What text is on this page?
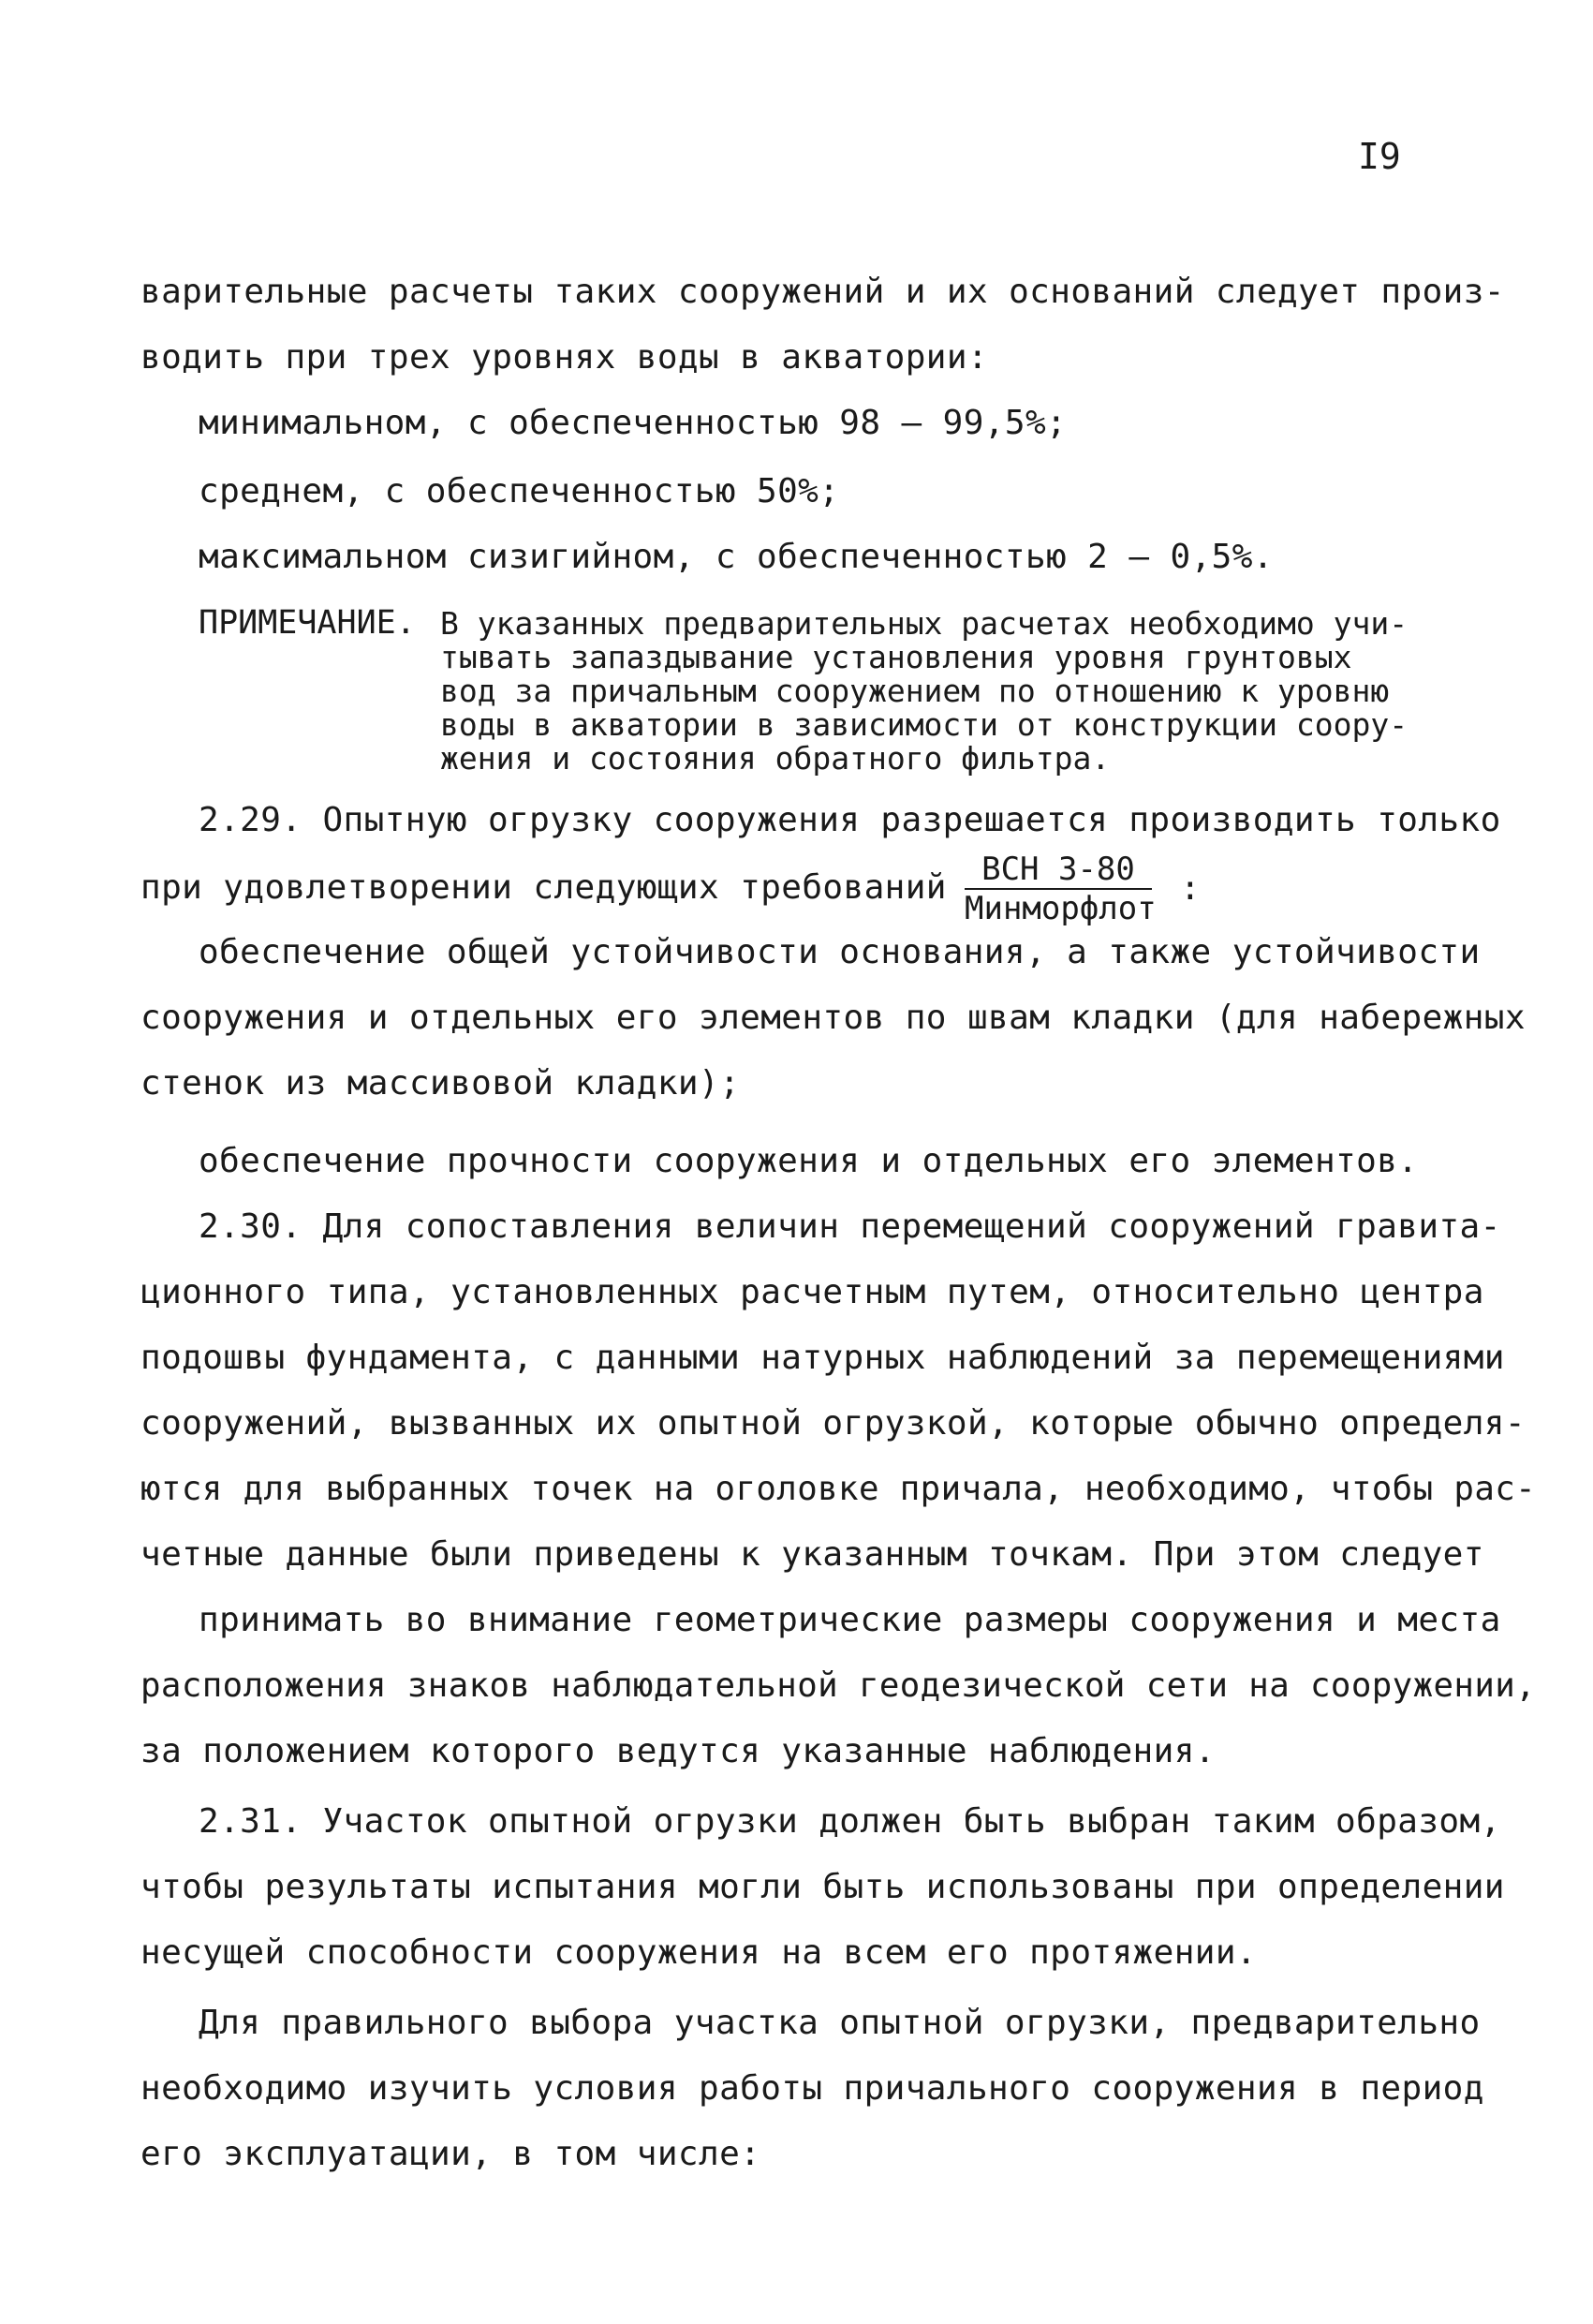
I9
варительные расчеты таких сооружений и их оснований следует произ-
водить при трех уровнях воды в акватории:
минимальном, с обеспеченностью 98 – 99,5%;
среднем, с обеспеченностью 50%;
максимальном сизигийном, с обеспеченностью 2 – 0,5%.
ПРИМЕЧАНИЕ. В указанных предварительных расчетах необходимо учи-
тывать запаздывание установления уровня грунтовых
вод за причальным сооружением по отношению к уровню
воды в акватории в зависимости от конструкции соору-
жения и состояния обратного фильтра.
2.29. Опытную огрузку сооружения разрешается производить только
при удовлетворении следующих требований	ВСН 3-80
Минморфлот
:
обеспечение общей устойчивости основания, а также устойчивости
сооружения и отдельных его элементов по швам кладки (для набережных
стенок из массивовой кладки);
обеспечение прочности сооружения и отдельных его элементов.
2.30. Для сопоставления величин перемещений сооружений гравита-
ционного типа, установленных расчетным путем, относительно центра
подошвы фундамента, с данными натурных наблюдений за перемещениями
сооружений, вызванных их опытной огрузкой, которые обычно определя-
ются для выбранных точек на оголовке причала, необходимо, чтобы рас-
четные данные были приведены к указанным точкам. При этом следует
принимать во внимание геометрические размеры сооружения и места
расположения знаков наблюдательной геодезической сети на сооружении,
за положением которого ведутся указанные наблюдения.
2.31. Участок опытной огрузки должен быть выбран таким образом,
чтобы результаты испытания могли быть использованы при определении
несущей способности сооружения на всем его протяжении.
Для правильного выбора участка опытной огрузки, предварительно
необходимо изучить условия работы причального сооружения в период
его эксплуатации, в том числе:
